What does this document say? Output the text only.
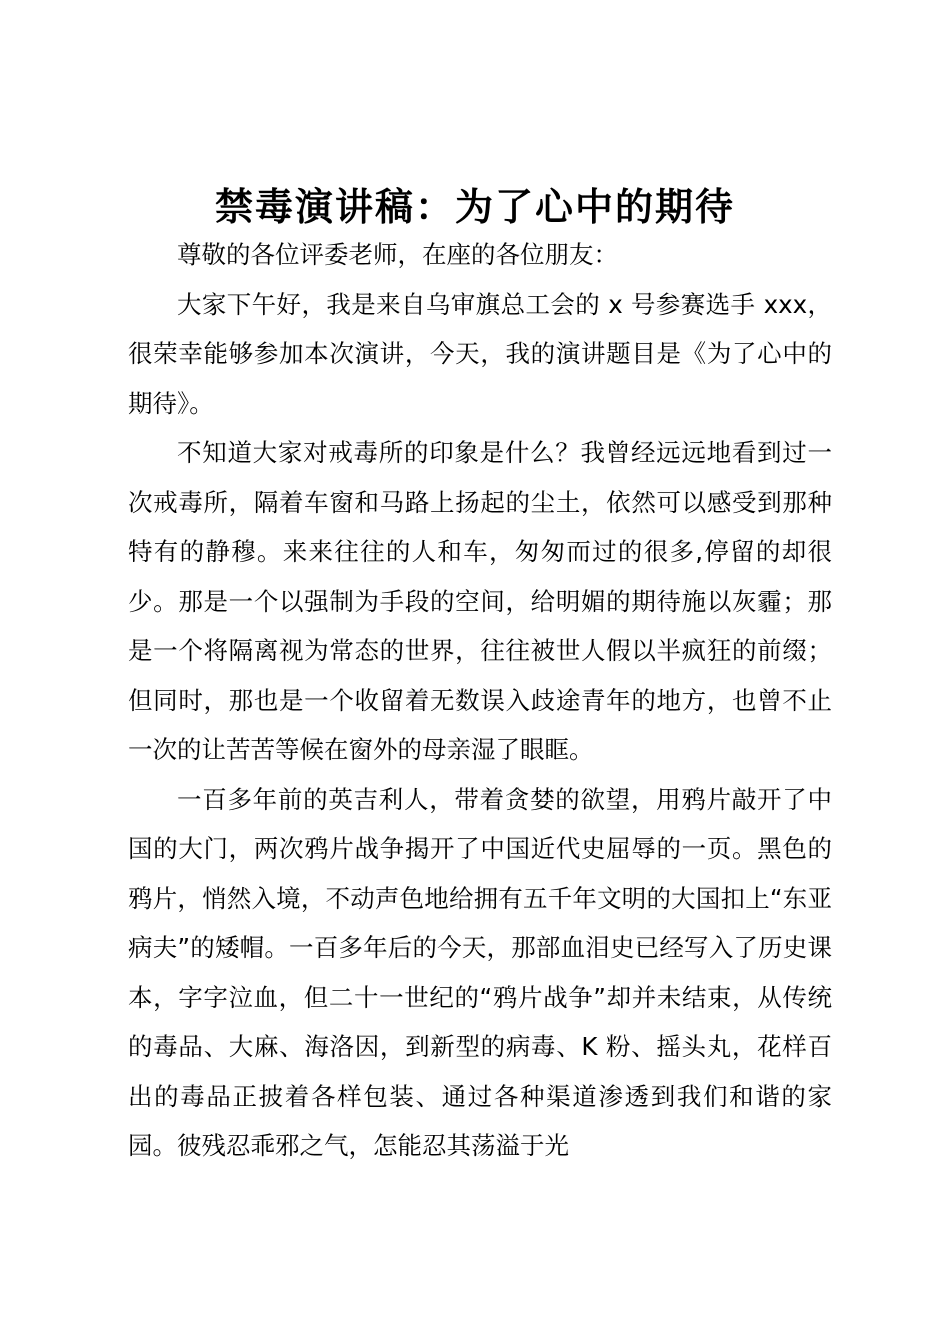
禁毒演讲稿：为了心中的期待

尊敬的各位评委老师，在座的各位朋友：

大家下午好，我是来自乌审旗总工会的 x 号参赛选手 xxx，很荣幸能够参加本次演讲，今天，我的演讲题目是《为了心中的期待》。

不知道大家对戒毒所的印象是什么？我曾经远远地看到过一次戒毒所，隔着车窗和马路上扬起的尘土，依然可以感受到那种特有的静穆。来来往往的人和车，匆匆而过的很多,停留的却很少。那是一个以强制为手段的空间，给明媚的期待施以灰霾；那是一个将隔离视为常态的世界，往往被世人假以半疯狂的前缀；但同时，那也是一个收留着无数误入歧途青年的地方，也曾不止一次的让苦苦等候在窗外的母亲湿了眼眶。

一百多年前的英吉利人，带着贪婪的欲望，用鸦片敲开了中国的大门，两次鸦片战争揭开了中国近代史屈辱的一页。黑色的鸦片，悄然入境，不动声色地给拥有五千年文明的大国扣上“东亚病夫”的矮帽。一百多年后的今天，那部血泪史已经写入了历史课本，字字泣血，但二十一世纪的“鸦片战争”却并未结束，从传统的毒品、大麻、海洛因，到新型的病毒、K 粉、摇头丸，花样百出的毒品正披着各样包装、通过各种渠道渗透到我们和谐的家园。彼残忍乖邪之气，怎能忍其荡溢于光
